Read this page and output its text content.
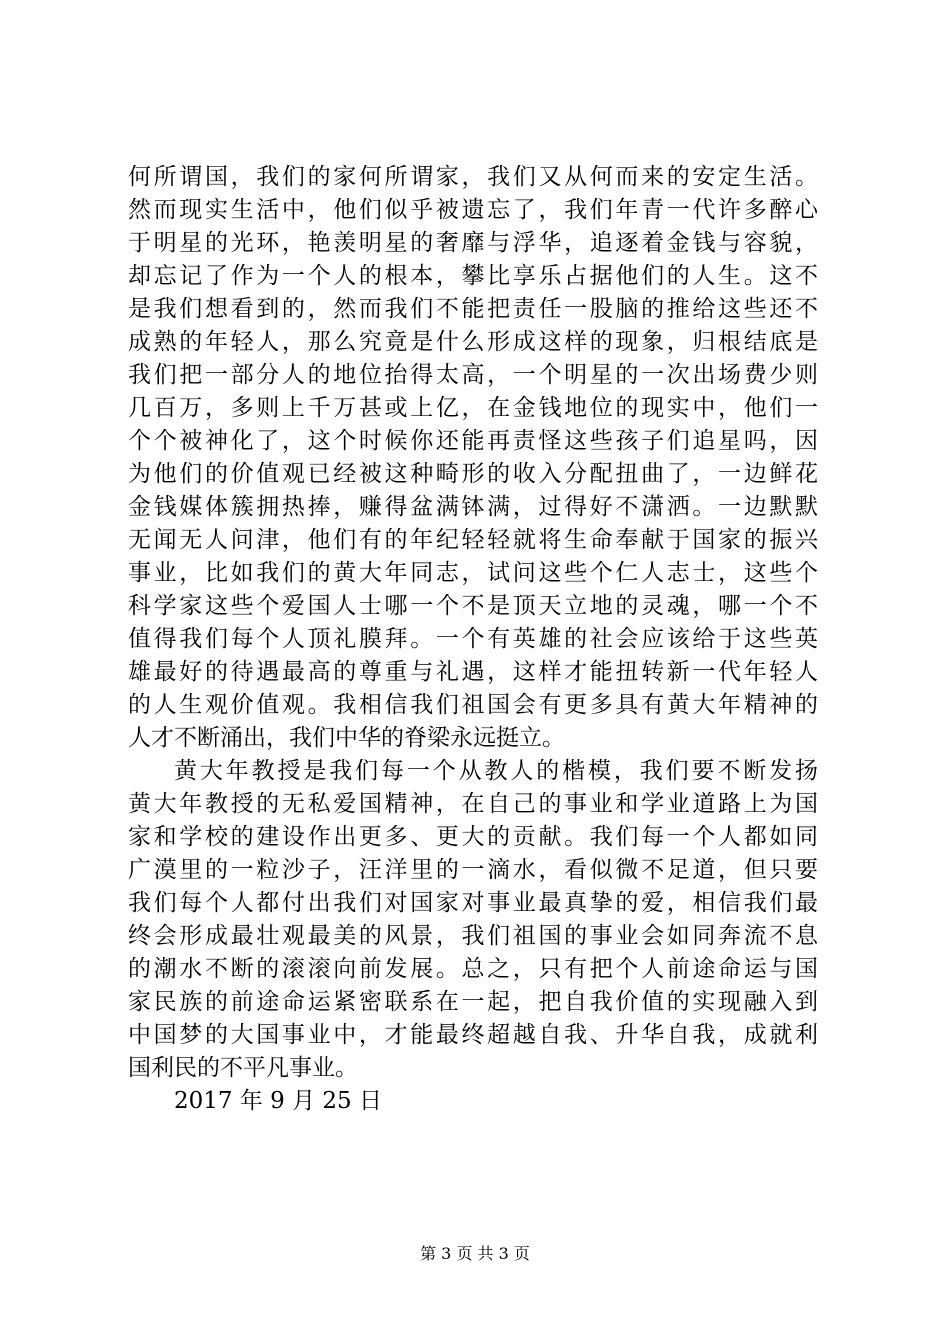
何所谓国，我们的家何所谓家，我们又从何而来的安定生活。
然而现实生活中，他们似乎被遗忘了，我们年青一代许多醉心
于明星的光环，艳羡明星的奢靡与浮华，追逐着金钱与容貌，
却忘记了作为一个人的根本，攀比享乐占据他们的人生。这不
是我们想看到的，然而我们不能把责任一股脑的推给这些还不
成熟的年轻人，那么究竟是什么形成这样的现象，归根结底是
我们把一部分人的地位抬得太高，一个明星的一次出场费少则
几百万，多则上千万甚或上亿，在金钱地位的现实中，他们一
个个被神化了，这个时候你还能再责怪这些孩子们追星吗，因
为他们的价值观已经被这种畸形的收入分配扭曲了，一边鲜花
金钱媒体簇拥热捧，赚得盆满钵满，过得好不潇洒。一边默默
无闻无人问津，他们有的年纪轻轻就将生命奉献于国家的振兴
事业，比如我们的黄大年同志，试问这些个仁人志士，这些个
科学家这些个爱国人士哪一个不是顶天立地的灵魂，哪一个不
值得我们每个人顶礼膜拜。一个有英雄的社会应该给于这些英
雄最好的待遇最高的尊重与礼遇，这样才能扭转新一代年轻人
的人生观价值观。我相信我们祖国会有更多具有黄大年精神的
人才不断涌出，我们中华的脊梁永远挺立。
黄大年教授是我们每一个从教人的楷模，我们要不断发扬
黄大年教授的无私爱国精神，在自己的事业和学业道路上为国
家和学校的建设作出更多、更大的贡献。我们每一个人都如同
广漠里的一粒沙子，汪洋里的一滴水，看似微不足道，但只要
我们每个人都付出我们对国家对事业最真挚的爱，相信我们最
终会形成最壮观最美的风景，我们祖国的事业会如同奔流不息
的潮水不断的滚滚向前发展。总之，只有把个人前途命运与国
家民族的前途命运紧密联系在一起，把自我价值的实现融入到
中国梦的大国事业中，才能最终超越自我、升华自我，成就利
国利民的不平凡事业。
2017 年 9 月 25 日
第 3 页 共 3 页
